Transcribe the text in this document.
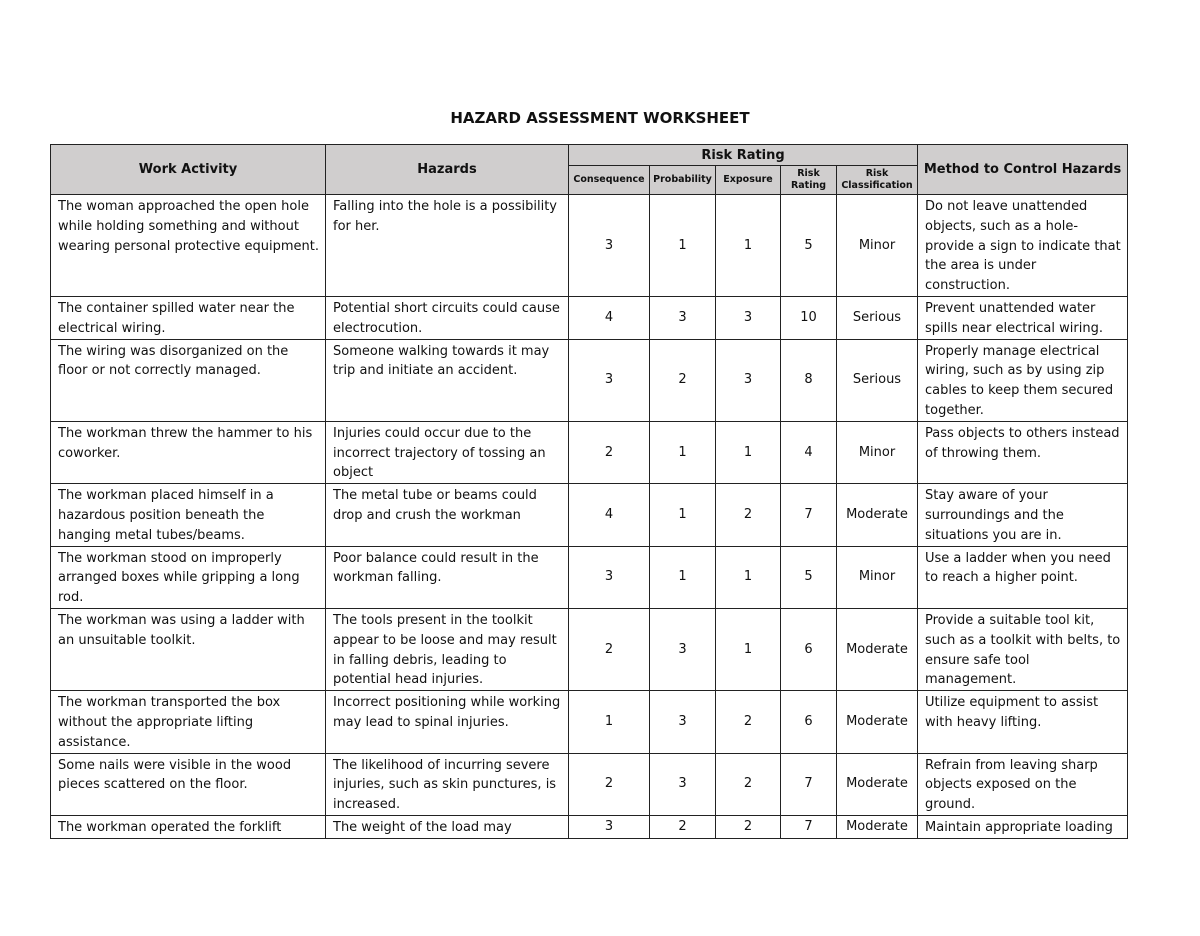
HAZARD ASSESSMENT WORKSHEET
Work Activity	Hazards	Risk Rating					Method to Control Hazards
		Consequence	Probability	Exposure	Risk Rating	Risk Classification	
The woman approached the open hole while holding something and without wearing personal protective equipment.	Falling into the hole is a possibility for her.	3	1	1	5	Minor	Do not leave unattended objects, such as a hole- provide a sign to indicate that the area is under construction.
The container spilled water near the electrical wiring.	Potential short circuits could cause electrocution.	4	3	3	10	Serious	Prevent unattended water spills near electrical wiring.
The wiring was disorganized on the floor or not correctly managed.	Someone walking towards it may trip and initiate an accident.	3	2	3	8	Serious	Properly manage electrical wiring, such as by using zip cables to keep them secured together.
The workman threw the hammer to his coworker.	Injuries could occur due to the incorrect trajectory of tossing an object	2	1	1	4	Minor	Pass objects to others instead of throwing them.
The workman placed himself in a hazardous position beneath the hanging metal tubes/beams.	The metal tube or beams could drop and crush the workman	4	1	2	7	Moderate	Stay aware of your surroundings and the situations you are in.
The workman stood on improperly arranged boxes while gripping a long rod.	Poor balance could result in the workman falling.	3	1	1	5	Minor	Use a ladder when you need to reach a higher point.
The workman was using a ladder with an unsuitable toolkit.	The tools present in the toolkit appear to be loose and may result in falling debris, leading to potential head injuries.	2	3	1	6	Moderate	Provide a suitable tool kit, such as a toolkit with belts, to ensure safe tool management.
The workman transported the box without the appropriate lifting assistance.	Incorrect positioning while working may lead to spinal injuries.	1	3	2	6	Moderate	Utilize equipment to assist with heavy lifting.
Some nails were visible in the wood pieces scattered on the floor.	The likelihood of incurring severe injuries, such as skin punctures, is increased.	2	3	2	7	Moderate	Refrain from leaving sharp objects exposed on the ground.
The workman operated the forklift	The weight of the load may	3	2	2	7	Moderate	Maintain appropriate loading
